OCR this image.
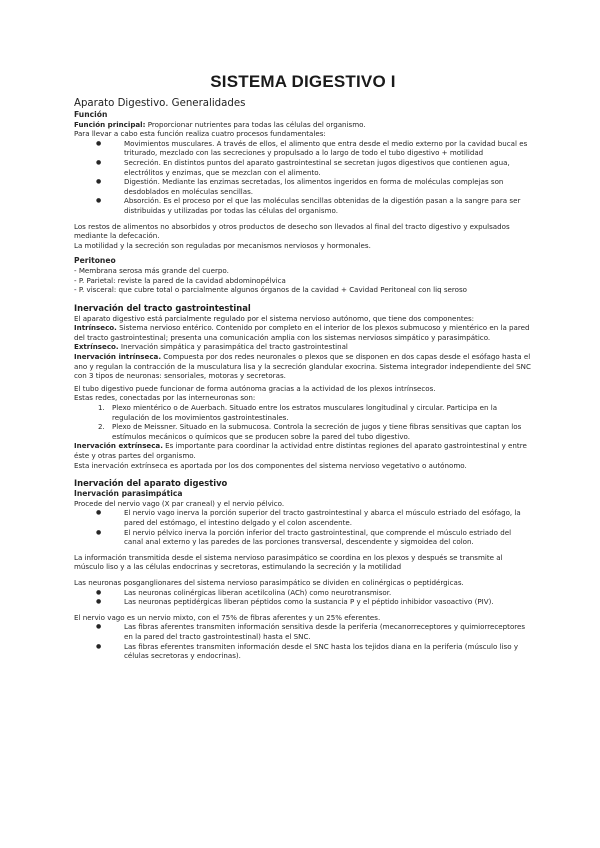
SISTEMA DIGESTIVO I
Aparato Digestivo. Generalidades
Función

Función principal: Proporcionar nutrientes para todas las células del organismo.

Para llevar a cabo esta función realiza cuatro procesos fundamentales:

● Movimientos musculares. A través de ellos, el alimento que entra desde el medio externo por la cavidad bucal es triturado, mezclado con las secreciones y propulsado a lo largo de todo el tubo digestivo + motilidad
● Secreción. En distintos puntos del aparato gastrointestinal se secretan jugos digestivos que contienen agua, electrólitos y enzimas, que se mezclan con el alimento.
● Digestión. Mediante las enzimas secretadas, los alimentos ingeridos en forma de moléculas complejas son desdoblados en moléculas sencillas.
● Absorción. Es el proceso por el que las moléculas sencillas obtenidas de la digestión pasan a la sangre para ser distribuidas y utilizadas por todas las células del organismo.

Los restos de alimentos no absorbidos y otros productos de desecho son llevados al final del tracto digestivo y expulsados mediante la defecación.

La motilidad y la secreción son reguladas por mecanismos nerviosos y hormonales.

Peritoneo

- Membrana serosa más grande del cuerpo.

- P. Parietal: reviste la pared de la cavidad abdominopélvica

- P. visceral: que cubre total o parcialmente algunos órganos de la cavidad + Cavidad Peritoneal con liq seroso

Inervación del tracto gastrointestinal

El aparato digestivo está parcialmente regulado por el sistema nervioso autónomo, que tiene dos componentes:

Intrínseco. Sistema nervioso entérico. Contenido por completo en el interior de los plexos submucoso y mientérico en la pared del tracto gastrointestinal; presenta una comunicación amplia con los sistemas nerviosos simpático y parasimpático.

Extrínseco. Inervación simpática y parasimpática del tracto gastrointestinal

Inervación intrínseca. Compuesta por dos redes neuronales o plexos que se disponen en dos capas desde el esófago hasta el ano y regulan la contracción de la musculatura lisa y la secreción glandular exocrina. Sistema integrador independiente del SNC con 3 tipos de neuronas: sensoriales, motoras y secretoras.

El tubo digestivo puede funcionar de forma autónoma gracias a la actividad de los plexos intrínsecos.

Estas redes, conectadas por las interneuronas son:

1. Plexo mientérico o de Auerbach. Situado entre los estratos musculares longitudinal y circular. Participa en la regulación de los movimientos gastrointestinales.
2. Plexo de Meissner. Situado en la submucosa. Controla la secreción de jugos y tiene fibras sensitivas que captan los estímulos mecánicos o químicos que se producen sobre la pared del tubo digestivo.

Inervación extrínseca. Es importante para coordinar la actividad entre distintas regiones del aparato gastrointestinal y entre éste y otras partes del organismo.

Esta inervación extrínseca es aportada por los dos componentes del sistema nervioso vegetativo o autónomo.

Inervación del aparato digestivo
Inervación parasimpática

Procede del nervio vago (X par craneal) y el nervio pélvico.

● El nervio vago inerva la porción superior del tracto gastrointestinal y abarca el músculo estriado del esófago, la pared del estómago, el intestino delgado y el colon ascendente.
● El nervio pélvico inerva la porción inferior del tracto gastrointestinal, que comprende el músculo estriado del canal anal externo y las paredes de las porciones transversal, descendente y sigmoidea del colon.

La información transmitida desde el sistema nervioso parasimpático se coordina en los plexos y después se transmite al músculo liso y a las células endocrinas y secretoras, estimulando la secreción y la motilidad

Las neuronas posganglionares del sistema nervioso parasimpático se dividen en colinérgicas o peptidérgicas.

● Las neuronas colinérgicas liberan acetilcolina (ACh) como neurotransmisor.
● Las neuronas peptidérgicas liberan péptidos como la sustancia P y el péptido inhibidor vasoactivo (PIV).

El nervio vago es un nervio mixto, con el 75% de fibras aferentes y un 25% eferentes.

● Las fibras aferentes transmiten información sensitiva desde la periferia (mecanorreceptores y quimiorreceptores en la pared del tracto gastrointestinal) hasta el SNC.
● Las fibras eferentes transmiten información desde el SNC hasta los tejidos diana en la periferia (músculo liso y células secretoras y endocrinas).
